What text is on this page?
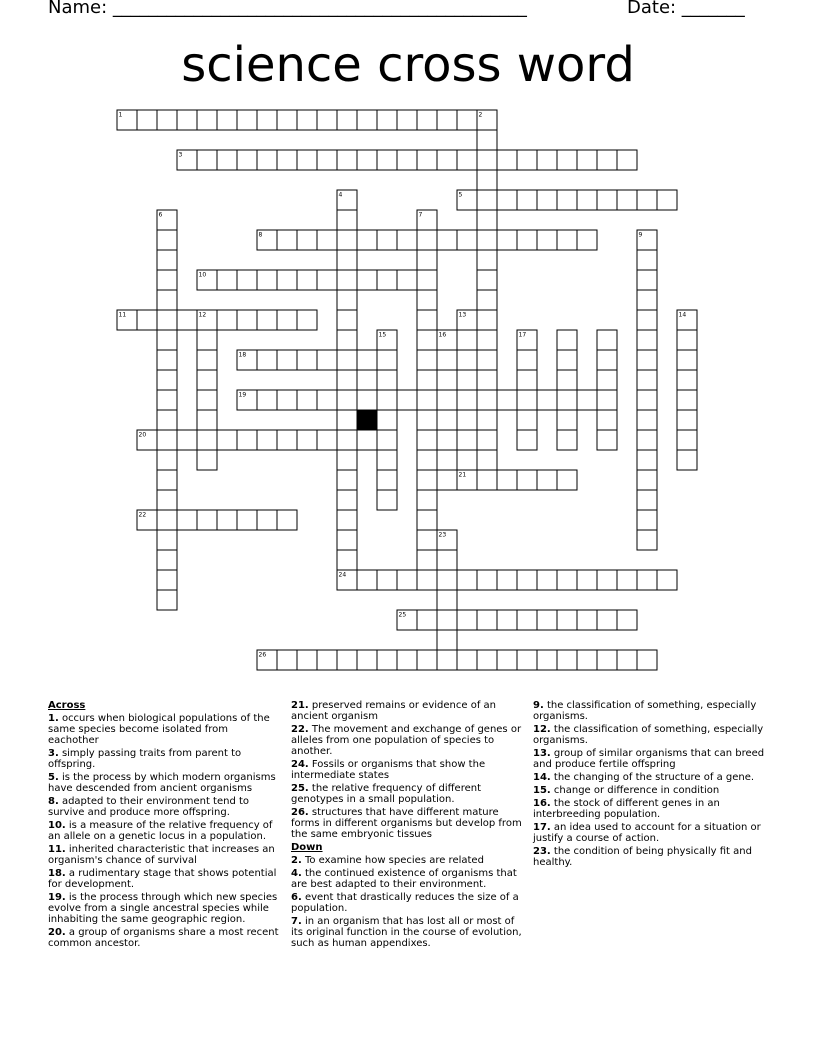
Name: ______________________________________________	Date: _______
science cross word
1	2
3
4	5
6	7
8	9
10
11	12	13	14
15	16	17
18
19
20
21
22
23
24
25
26
Across
1. occurs when biological populations of the same species become isolated from eachother
3. simply passing traits from parent to offspring.
5. is the process by which modern organisms have descended from ancient organisms
8. adapted to their environment tend to survive and produce more offspring.
10. is a measure of the relative frequency of an allele on a genetic locus in a population.
11. inherited characteristic that increases an organism's chance of survival
18. a rudimentary stage that shows potential for development.
19. is the process through which new species evolve from a single ancestral species while inhabiting the same geographic region.
20. a group of organisms share a most recent common ancestor.
21. preserved remains or evidence of an ancient organism
22. The movement and exchange of genes or alleles from one population of species to another.
24. Fossils or organisms that show the intermediate states
25. the relative frequency of different genotypes in a small population.
26. structures that have different mature forms in different organisms but develop from the same embryonic tissues
Down
2. To examine how species are related
4. the continued existence of organisms that are best adapted to their environment.
6. event that drastically reduces the size of a population.
7. in an organism that has lost all or most of its original function in the course of evolution, such as human appendixes.
9. the classification of something, especially organisms.
12. the classification of something, especially organisms.
13. group of similar organisms that can breed and produce fertile offspring
14. the changing of the structure of a gene.
15. change or difference in condition
16. the stock of different genes in an interbreeding population.
17. an idea used to account for a situation or justify a course of action.
23. the condition of being physically fit and healthy.
